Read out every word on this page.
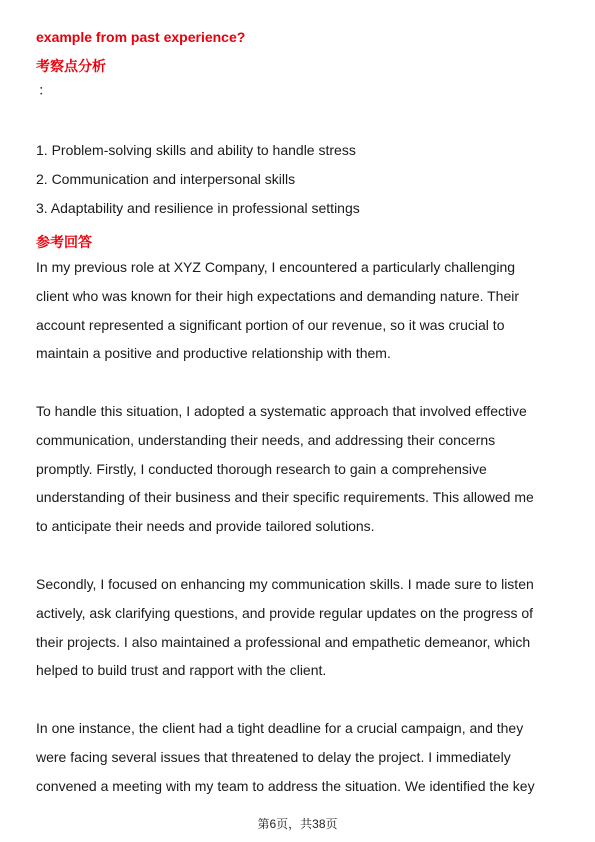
example from past experience?
考察点分析
：
1. Problem-solving skills and ability to handle stress
2. Communication and interpersonal skills
3. Adaptability and resilience in professional settings
参考回答
In my previous role at XYZ Company, I encountered a particularly challenging
client who was known for their high expectations and demanding nature. Their
account represented a significant portion of our revenue, so it was crucial to
maintain a positive and productive relationship with them.
To handle this situation, I adopted a systematic approach that involved effective
communication, understanding their needs, and addressing their concerns
promptly. Firstly, I conducted thorough research to gain a comprehensive
understanding of their business and their specific requirements. This allowed me
to anticipate their needs and provide tailored solutions.
Secondly, I focused on enhancing my communication skills. I made sure to listen
actively, ask clarifying questions, and provide regular updates on the progress of
their projects. I also maintained a professional and empathetic demeanor, which
helped to build trust and rapport with the client.
In one instance, the client had a tight deadline for a crucial campaign, and they
were facing several issues that threatened to delay the project. I immediately
convened a meeting with my team to address the situation. We identified the key
第6页，共38页
